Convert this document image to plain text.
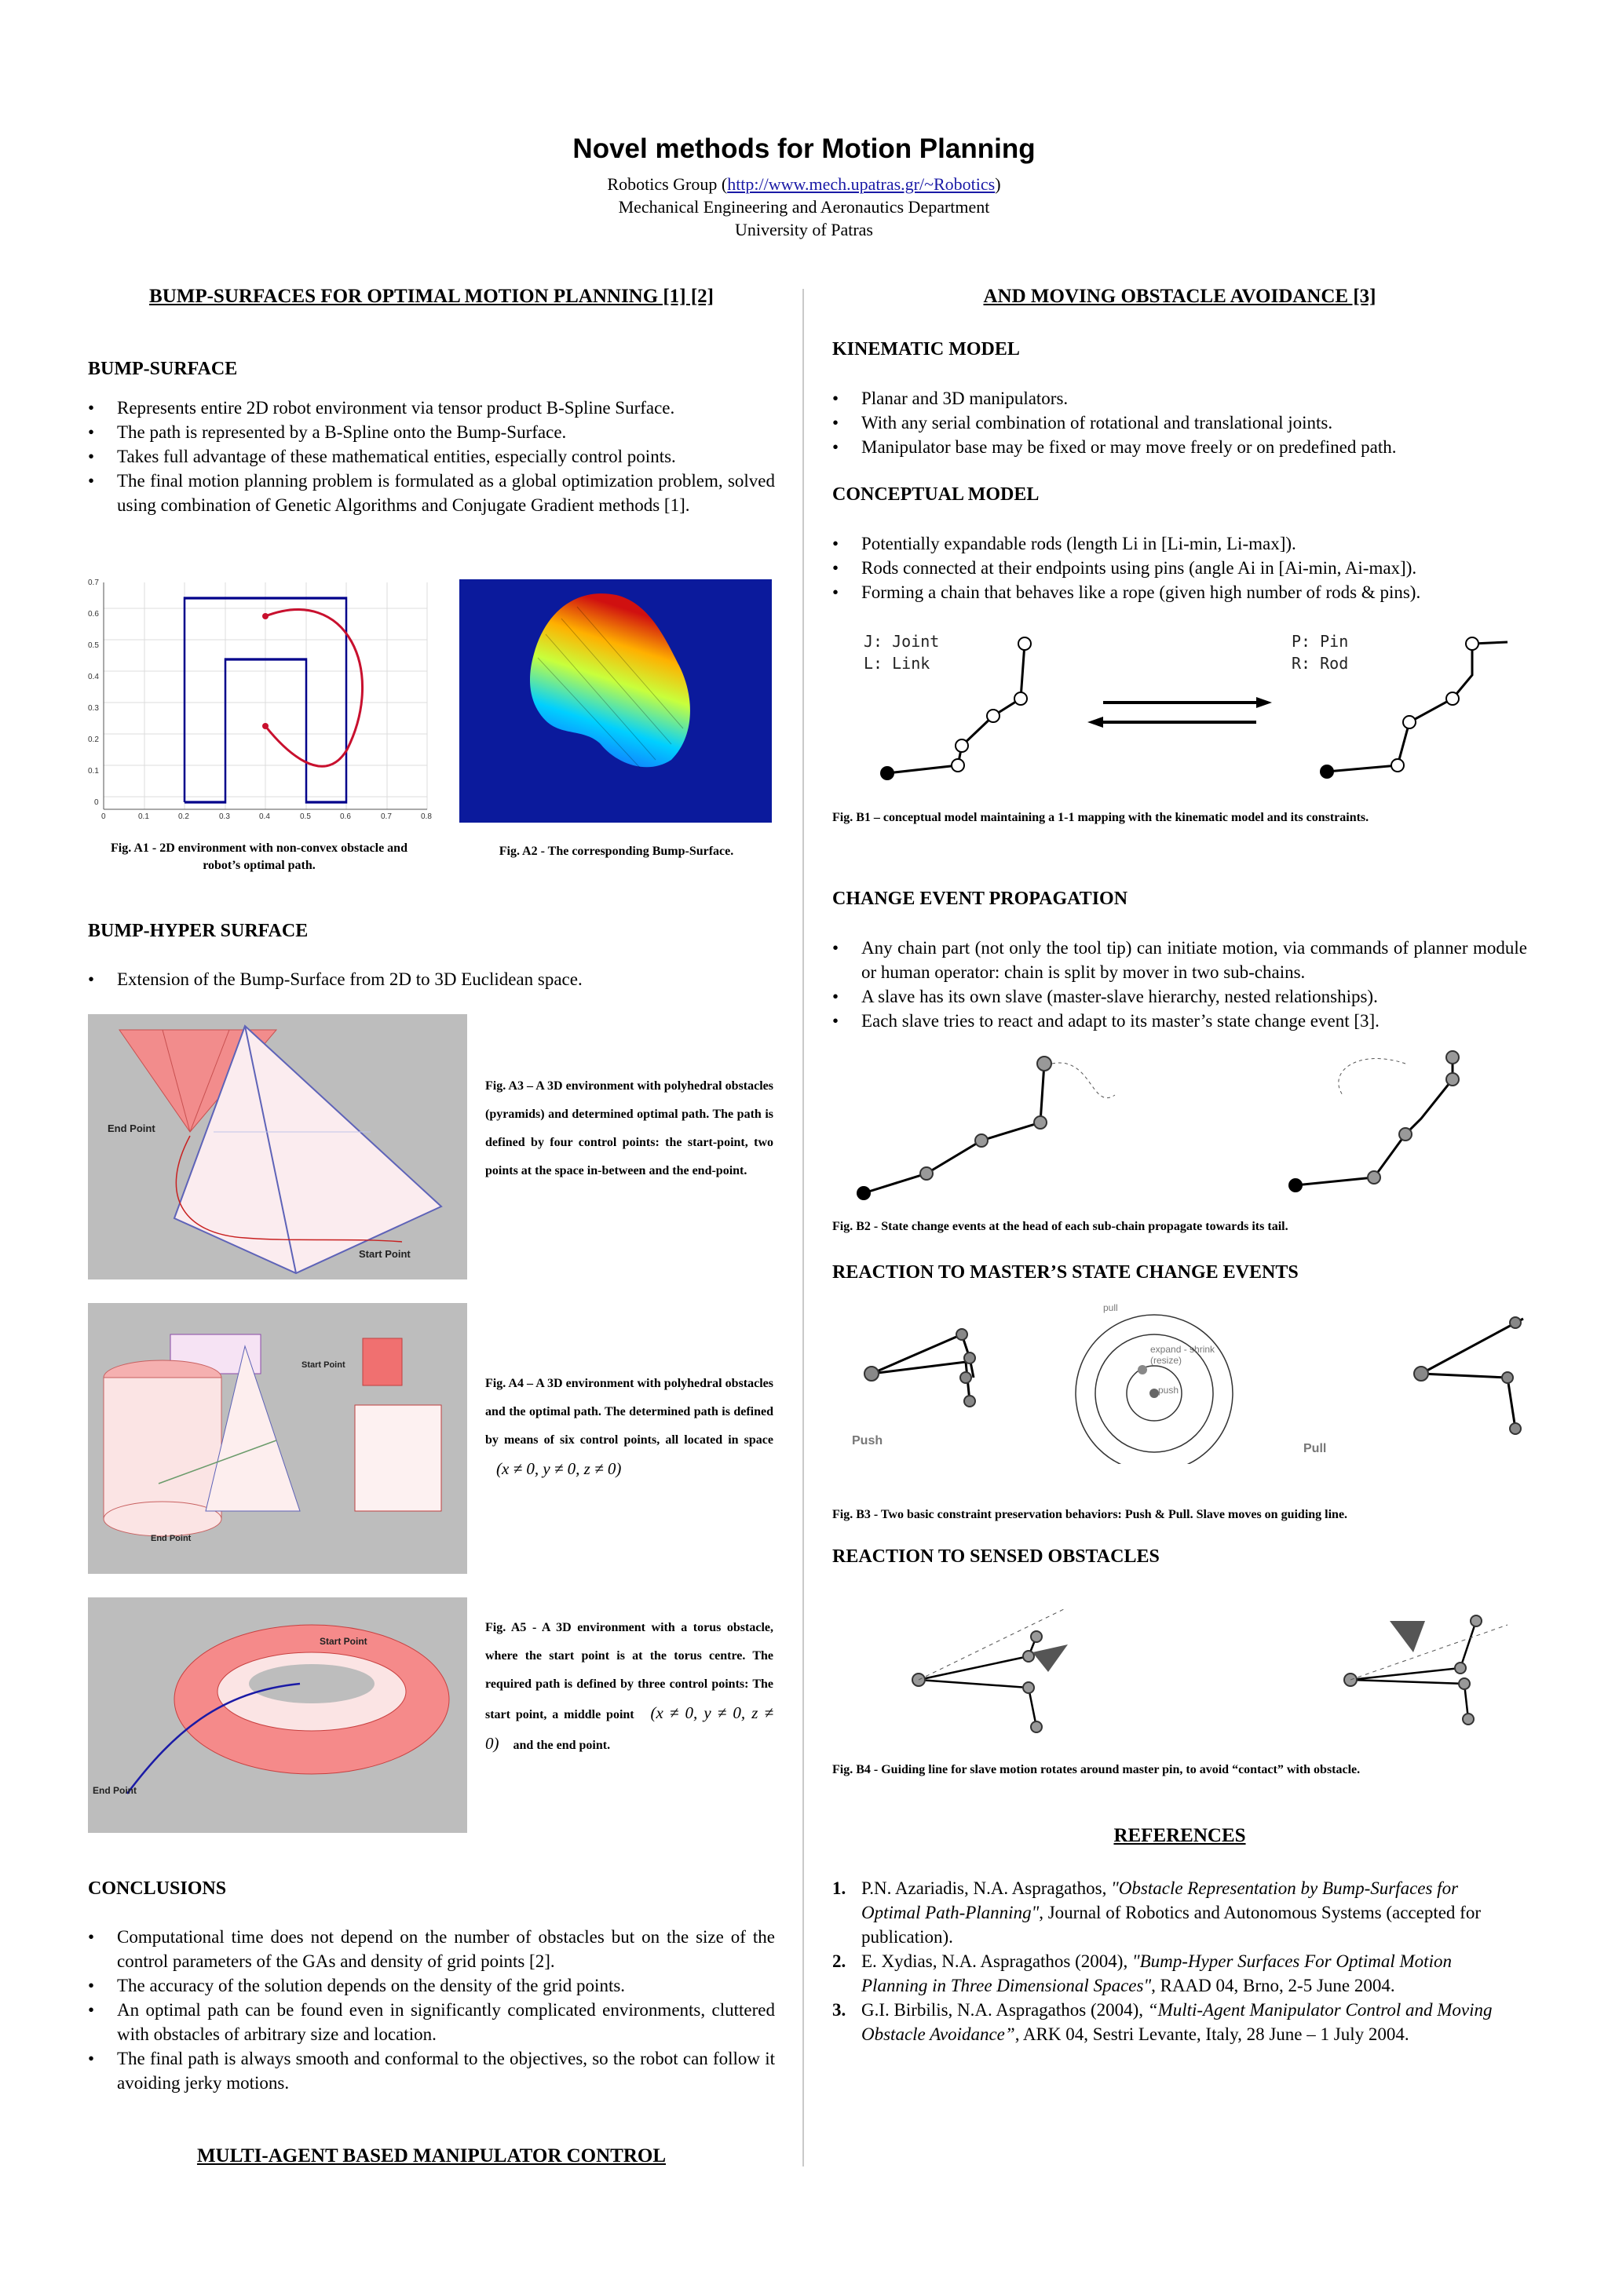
Novel methods for Motion Planning
Robotics Group (http://www.mech.upatras.gr/~Robotics)
Mechanical Engineering and Aeronautics Department
University of Patras
BUMP-SURFACES FOR OPTIMAL MOTION PLANNING [1] [2]
BUMP-SURFACE
• Represents entire 2D robot environment via tensor product B-Spline Surface.
• The path is represented by a B-Spline onto the Bump-Surface.
• Takes full advantage of these mathematical entities, especially control points.
• The final motion planning problem is formulated as a global optimization problem, solved using combination of Genetic Algorithms and Conjugate Gradient methods [1].
0.7
0.6
0.5
0.4
0.3
0.2
0.1
0
0	0.1	0.2	0.3	0.4	0.5	0.6	0.7	0.8
Fig. A1 - 2D environment with non-convex obstacle and robot’s optimal path.
Fig. A2 - The corresponding Bump-Surface.
BUMP-HYPER SURFACE
• Extension of the Bump-Surface from 2D to 3D Euclidean space.
End Point
Start Point
Fig. A3 – A 3D environment with polyhedral obstacles (pyramids) and determined optimal path. The path is defined by four control points: the start-point, two points at the space in-between and the end-point.
Start Point
End Point
Fig. A4 – A 3D environment with polyhedral obstacles and the optimal path. The determined path is defined by means of six control points, all located in space (x ≠ 0, y ≠ 0, z ≠ 0)
Start Point
End Point
Fig. A5 - A 3D environment with a torus obstacle, where the start point is at the torus centre. The required path is defined by three control points: The start point, a middle point (x ≠ 0, y ≠ 0, z ≠ 0) and the end point.
CONCLUSIONS
• Computational time does not depend on the number of obstacles but on the size of the control parameters of the GAs and density of grid points [2].
• The accuracy of the solution depends on the density of the grid points.
• An optimal path can be found even in significantly complicated environments, cluttered with obstacles of arbitrary size and location.
• The final path is always smooth and conformal to the objectives, so the robot can follow it avoiding jerky motions.
MULTI-AGENT BASED MANIPULATOR CONTROL
AND MOVING OBSTACLE AVOIDANCE [3]
KINEMATIC MODEL
• Planar and 3D manipulators.
• With any serial combination of rotational and translational joints.
• Manipulator base may be fixed or may move freely or on predefined path.
CONCEPTUAL MODEL
• Potentially expandable rods (length Li in [Li-min, Li-max]).
• Rods connected at their endpoints using pins (angle Ai in [Ai-min, Ai-max]).
• Forming a chain that behaves like a rope (given high number of rods & pins).
J: Joint
L: Link
P: Pin
R: Rod
Fig. B1 – conceptual model maintaining a 1-1 mapping with the kinematic model and its constraints.
CHANGE EVENT PROPAGATION
• Any chain part (not only the tool tip) can initiate motion, via commands of planner module or human operator: chain is split by mover in two sub-chains.
• A slave has its own slave (master-slave hierarchy, nested relationships).
• Each slave tries to react and adapt to its master’s state change event [3].
Fig. B2 - State change events at the head of each sub-chain propagate towards its tail.
REACTION TO MASTER’S STATE CHANGE EVENTS
Push
Pull
pull
push
expand - shrink
(resize)
Fig. B3 - Two basic constraint preservation behaviors: Push & Pull. Slave moves on guiding line.
REACTION TO SENSED OBSTACLES
Fig. B4 - Guiding line for slave motion rotates around master pin, to avoid “contact” with obstacle.
REFERENCES
1. P.N. Azariadis, N.A. Aspragathos, "Obstacle Representation by Bump-Surfaces for Optimal Path-Planning", Journal of Robotics and Autonomous Systems (accepted for publication).
2. E. Xydias, N.A. Aspragathos (2004), "Bump-Hyper Surfaces For Optimal Motion Planning in Three Dimensional Spaces", RAAD 04, Brno, 2-5 June 2004.
3. G.I. Birbilis, N.A. Aspragathos (2004), “Multi-Agent Manipulator Control and Moving Obstacle Avoidance”, ARK 04, Sestri Levante, Italy, 28 June – 1 July 2004.
